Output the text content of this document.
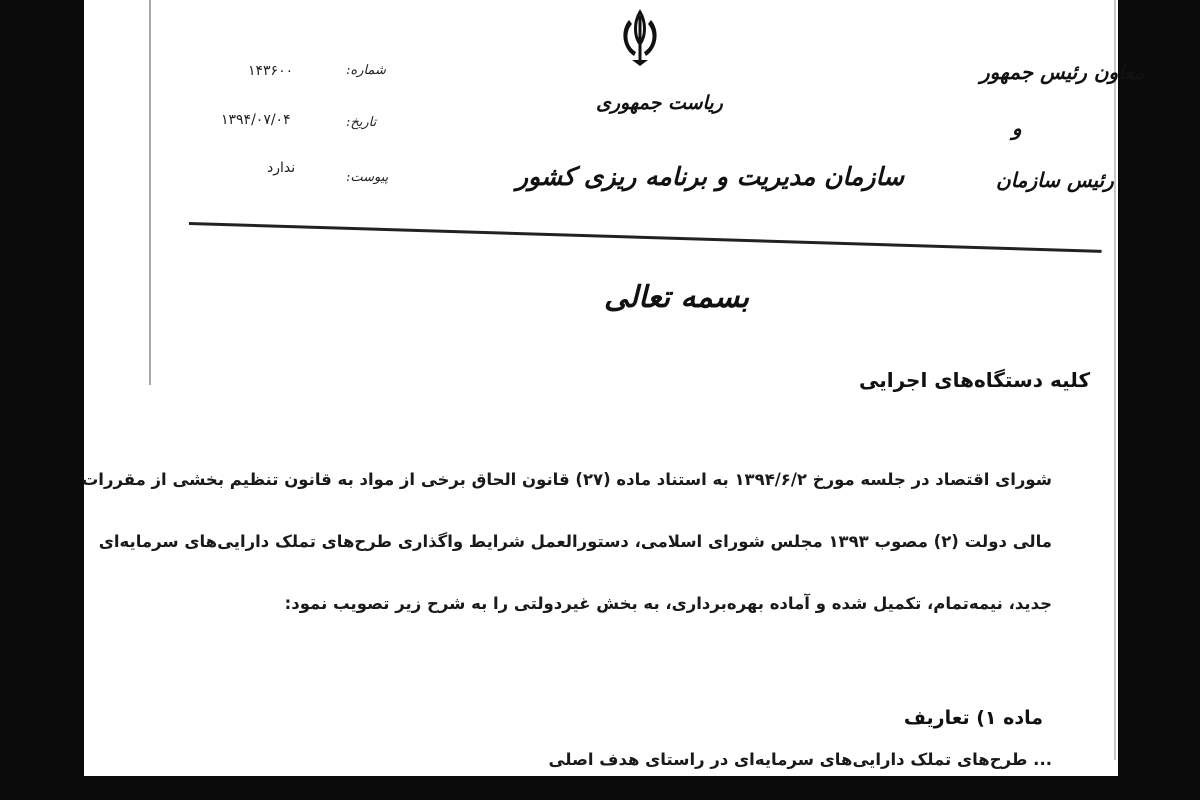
شماره:
۱۴۳۶۰۰
تاریخ:
۱۳۹۴/۰۷/۰۴
پیوست:
ندارد
ریاست جمهوری
سازمان مدیریت و برنامه ریزی کشور
معاون رئیس جمهور
و
رئیس سازمان
بسمه تعالی
کلیه دستگاه‌های اجرایی
شورای اقتصاد در جلسه مورخ ۱۳۹۴/۶/۲ به استناد ماده (۲۷) قانون الحاق برخی از مواد به قانون تنظیم بخشی از مقررات
مالی دولت (۲) مصوب ۱۳۹۳ مجلس شورای اسلامی، دستورالعمل شرایط واگذاری طرح‌های تملک دارایی‌های سرمایه‌ای
جدید، نیمه‌تمام، تکمیل شده و آماده بهره‌برداری، به بخش غیردولتی را به شرح زیر تصویب نمود:
ماده ۱) تعاریف
... طرح‌های تملک دارایی‌های سرمایه‌ای در راستای هدف اصلی
